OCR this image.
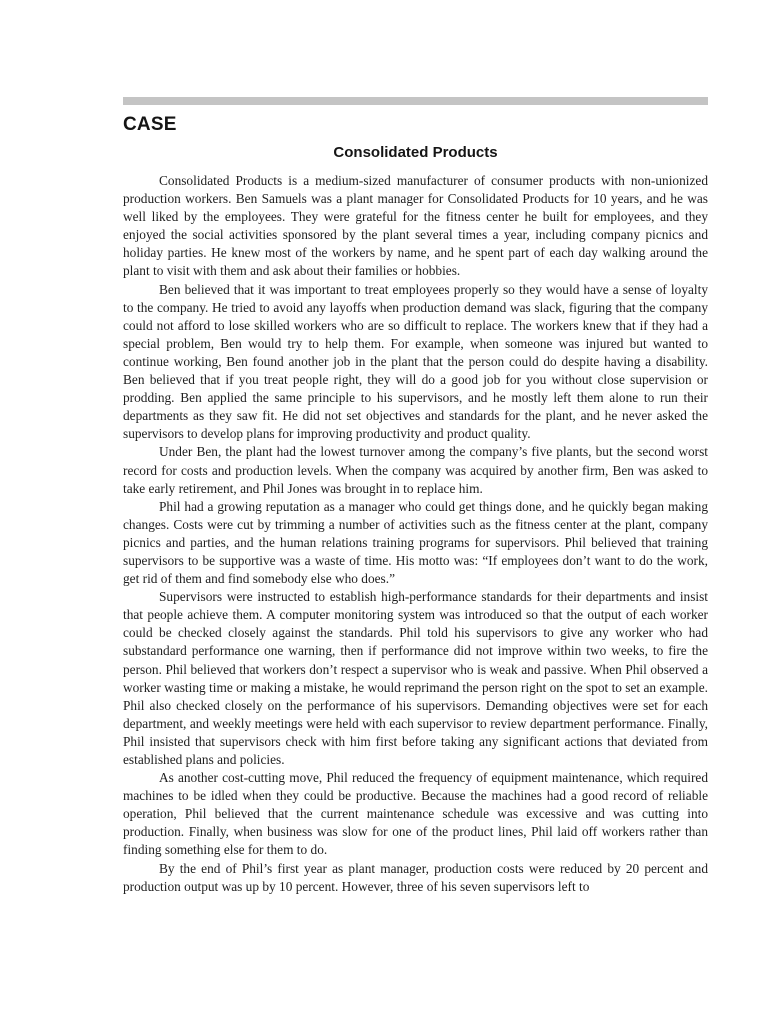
CASE
Consolidated Products

Consolidated Products is a medium-sized manufacturer of consumer products with non-unionized production workers. Ben Samuels was a plant manager for Consolidated Products for 10 years, and he was well liked by the employees. They were grateful for the fitness center he built for employees, and they enjoyed the social activities sponsored by the plant several times a year, including company picnics and holiday parties. He knew most of the workers by name, and he spent part of each day walking around the plant to visit with them and ask about their families or hobbies.

Ben believed that it was important to treat employees properly so they would have a sense of loyalty to the company. He tried to avoid any layoffs when production demand was slack, figuring that the company could not afford to lose skilled workers who are so difficult to replace. The workers knew that if they had a special problem, Ben would try to help them. For example, when someone was injured but wanted to continue working, Ben found another job in the plant that the person could do despite having a disability. Ben believed that if you treat people right, they will do a good job for you without close supervision or prodding. Ben applied the same principle to his supervisors, and he mostly left them alone to run their departments as they saw fit. He did not set objectives and standards for the plant, and he never asked the supervisors to develop plans for improving productivity and product quality.

Under Ben, the plant had the lowest turnover among the company’s five plants, but the second worst record for costs and production levels. When the company was acquired by another firm, Ben was asked to take early retirement, and Phil Jones was brought in to replace him.

Phil had a growing reputation as a manager who could get things done, and he quickly began making changes. Costs were cut by trimming a number of activities such as the fitness center at the plant, company picnics and parties, and the human relations training programs for supervisors. Phil believed that training supervisors to be supportive was a waste of time. His motto was: “If employees don’t want to do the work, get rid of them and find somebody else who does.”

Supervisors were instructed to establish high-performance standards for their departments and insist that people achieve them. A computer monitoring system was introduced so that the output of each worker could be checked closely against the standards. Phil told his supervisors to give any worker who had substandard performance one warning, then if performance did not improve within two weeks, to fire the person. Phil believed that workers don’t respect a supervisor who is weak and passive. When Phil observed a worker wasting time or making a mistake, he would reprimand the person right on the spot to set an example. Phil also checked closely on the performance of his supervisors. Demanding objectives were set for each department, and weekly meetings were held with each supervisor to review department performance. Finally, Phil insisted that supervisors check with him first before taking any significant actions that deviated from established plans and policies.

As another cost-cutting move, Phil reduced the frequency of equipment maintenance, which required machines to be idled when they could be productive. Because the machines had a good record of reliable operation, Phil believed that the current maintenance schedule was excessive and was cutting into production. Finally, when business was slow for one of the product lines, Phil laid off workers rather than finding something else for them to do.

By the end of Phil’s first year as plant manager, production costs were reduced by 20 percent and production output was up by 10 percent. However, three of his seven supervisors left to
